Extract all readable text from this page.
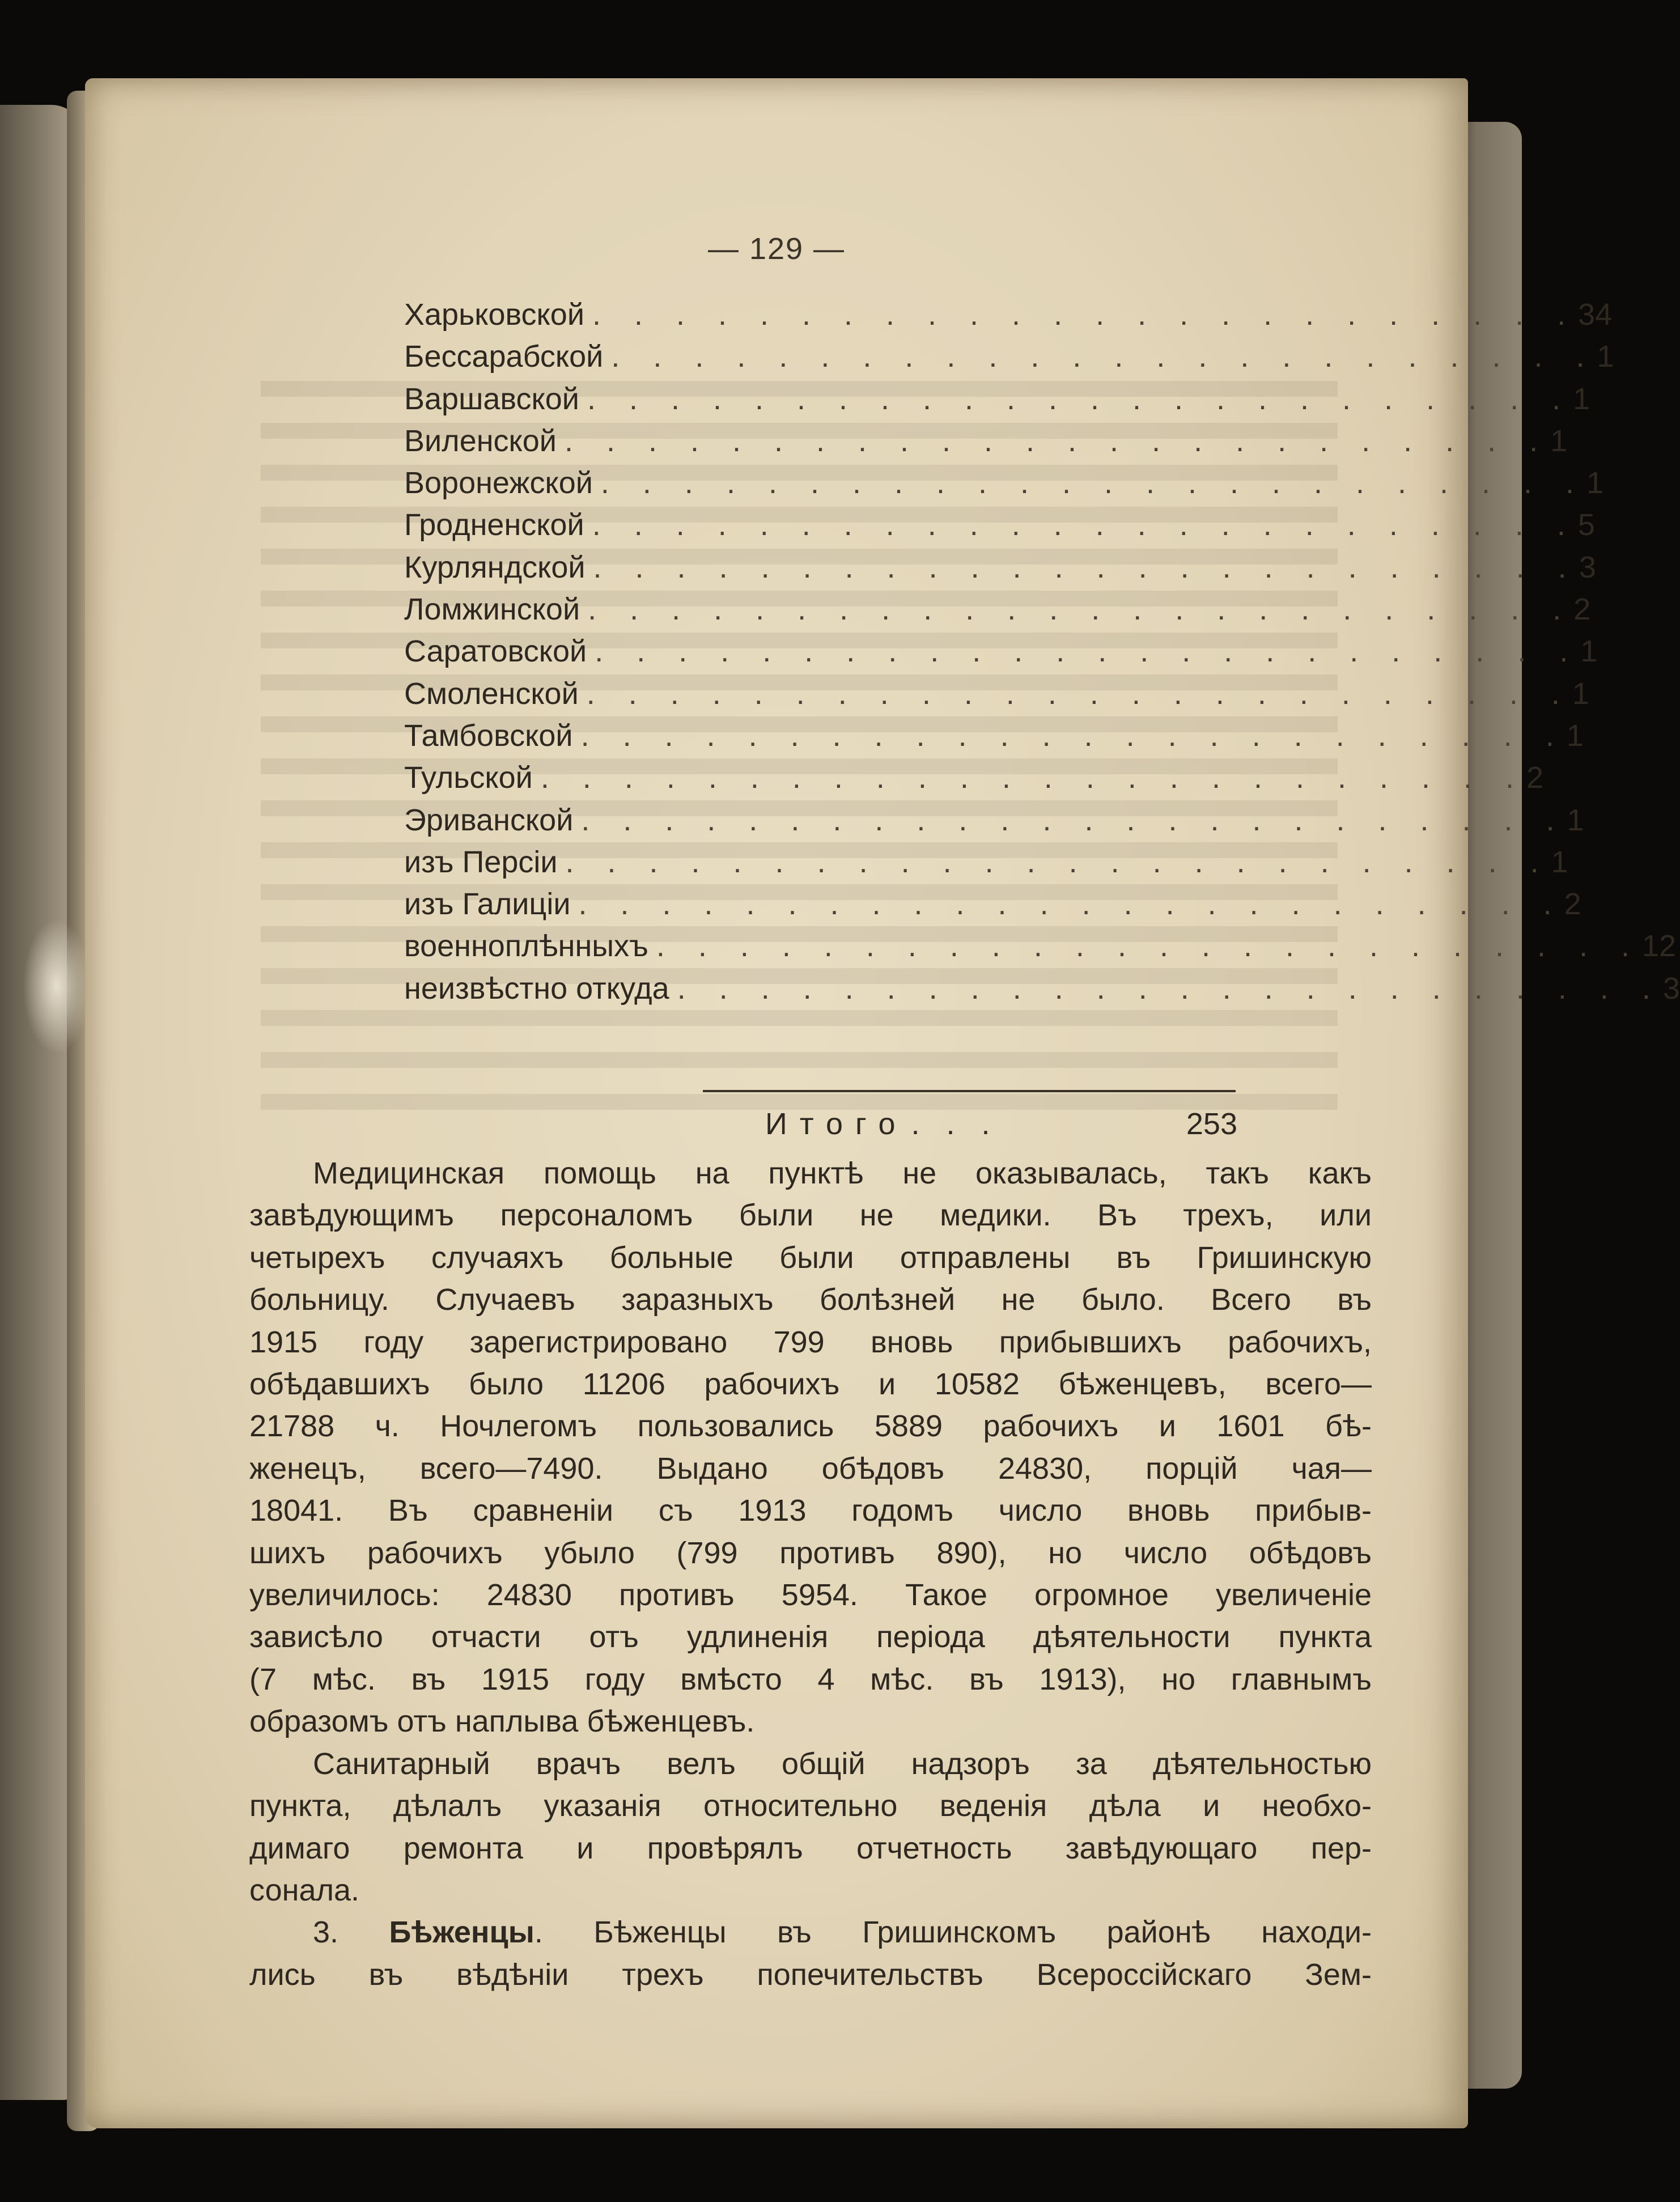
— 129 —
Харьковской . . . . . . . . . . . . . . . . . . . . . . . . 34
Бессарабской . . . . . . . . . . . . . . . . . . . . . . . . 1
Варшавской . . . . . . . . . . . . . . . . . . . . . . . . 1
Виленской . . . . . . . . . . . . . . . . . . . . . . . . 1
Воронежской . . . . . . . . . . . . . . . . . . . . . . . . 1
Гродненской . . . . . . . . . . . . . . . . . . . . . . . . 5
Курляндской . . . . . . . . . . . . . . . . . . . . . . . . 3
Ломжинской . . . . . . . . . . . . . . . . . . . . . . . . 2
Саратовской . . . . . . . . . . . . . . . . . . . . . . . . 1
Смоленской . . . . . . . . . . . . . . . . . . . . . . . . 1
Тамбовской . . . . . . . . . . . . . . . . . . . . . . . . 1
Тульской . . . . . . . . . . . . . . . . . . . . . . . . 2
Эриванской . . . . . . . . . . . . . . . . . . . . . . . . 1
изъ Персіи . . . . . . . . . . . . . . . . . . . . . . . . 1
изъ Галиціи . . . . . . . . . . . . . . . . . . . . . . . . 2
военноплѣнныхъ . . . . . . . . . . . . . . . . . . . . . . . . 12
неизвѣстно откуда . . . . . . . . . . . . . . . . . . . . . . . . 3
Итого . . .	253
Медицинская помощь на пунктѣ не оказывалась, такъ какъ
завѣдующимъ персоналомъ были не медики. Въ трехъ, или
четырехъ случаяхъ больные были отправлены въ Гришинскую
больницу. Случаевъ заразныхъ болѣзней не было. Всего въ
1915 году зарегистрировано 799 вновь прибывшихъ рабочихъ,
обѣдавшихъ было 11206 рабочихъ и 10582 бѣженцевъ, всего—
21788 ч. Ночлегомъ пользовались 5889 рабочихъ и 1601 бѣ-
женецъ, всего—7490. Выдано обѣдовъ 24830, порцій чая—
18041. Въ сравненіи съ 1913 годомъ число вновь прибыв-
шихъ рабочихъ убыло (799 противъ 890), но число обѣдовъ
увеличилось: 24830 противъ 5954. Такое огромное увеличеніе
зависѣло отчасти отъ удлиненія періода дѣятельности пункта
(7 мѣс. въ 1915 году вмѣсто 4 мѣс. въ 1913), но главнымъ
образомъ отъ наплыва бѣженцевъ.
Санитарный врачъ велъ общій надзоръ за дѣятельностью
пункта, дѣлалъ указанія относительно веденія дѣла и необхо-
димаго ремонта и провѣрялъ отчетность завѣдующаго пер-
сонала.
3. Бѣженцы. Бѣженцы въ Гришинскомъ районѣ находи-
лись въ вѣдѣніи трехъ попечительствъ Всероссійскаго Зем-
